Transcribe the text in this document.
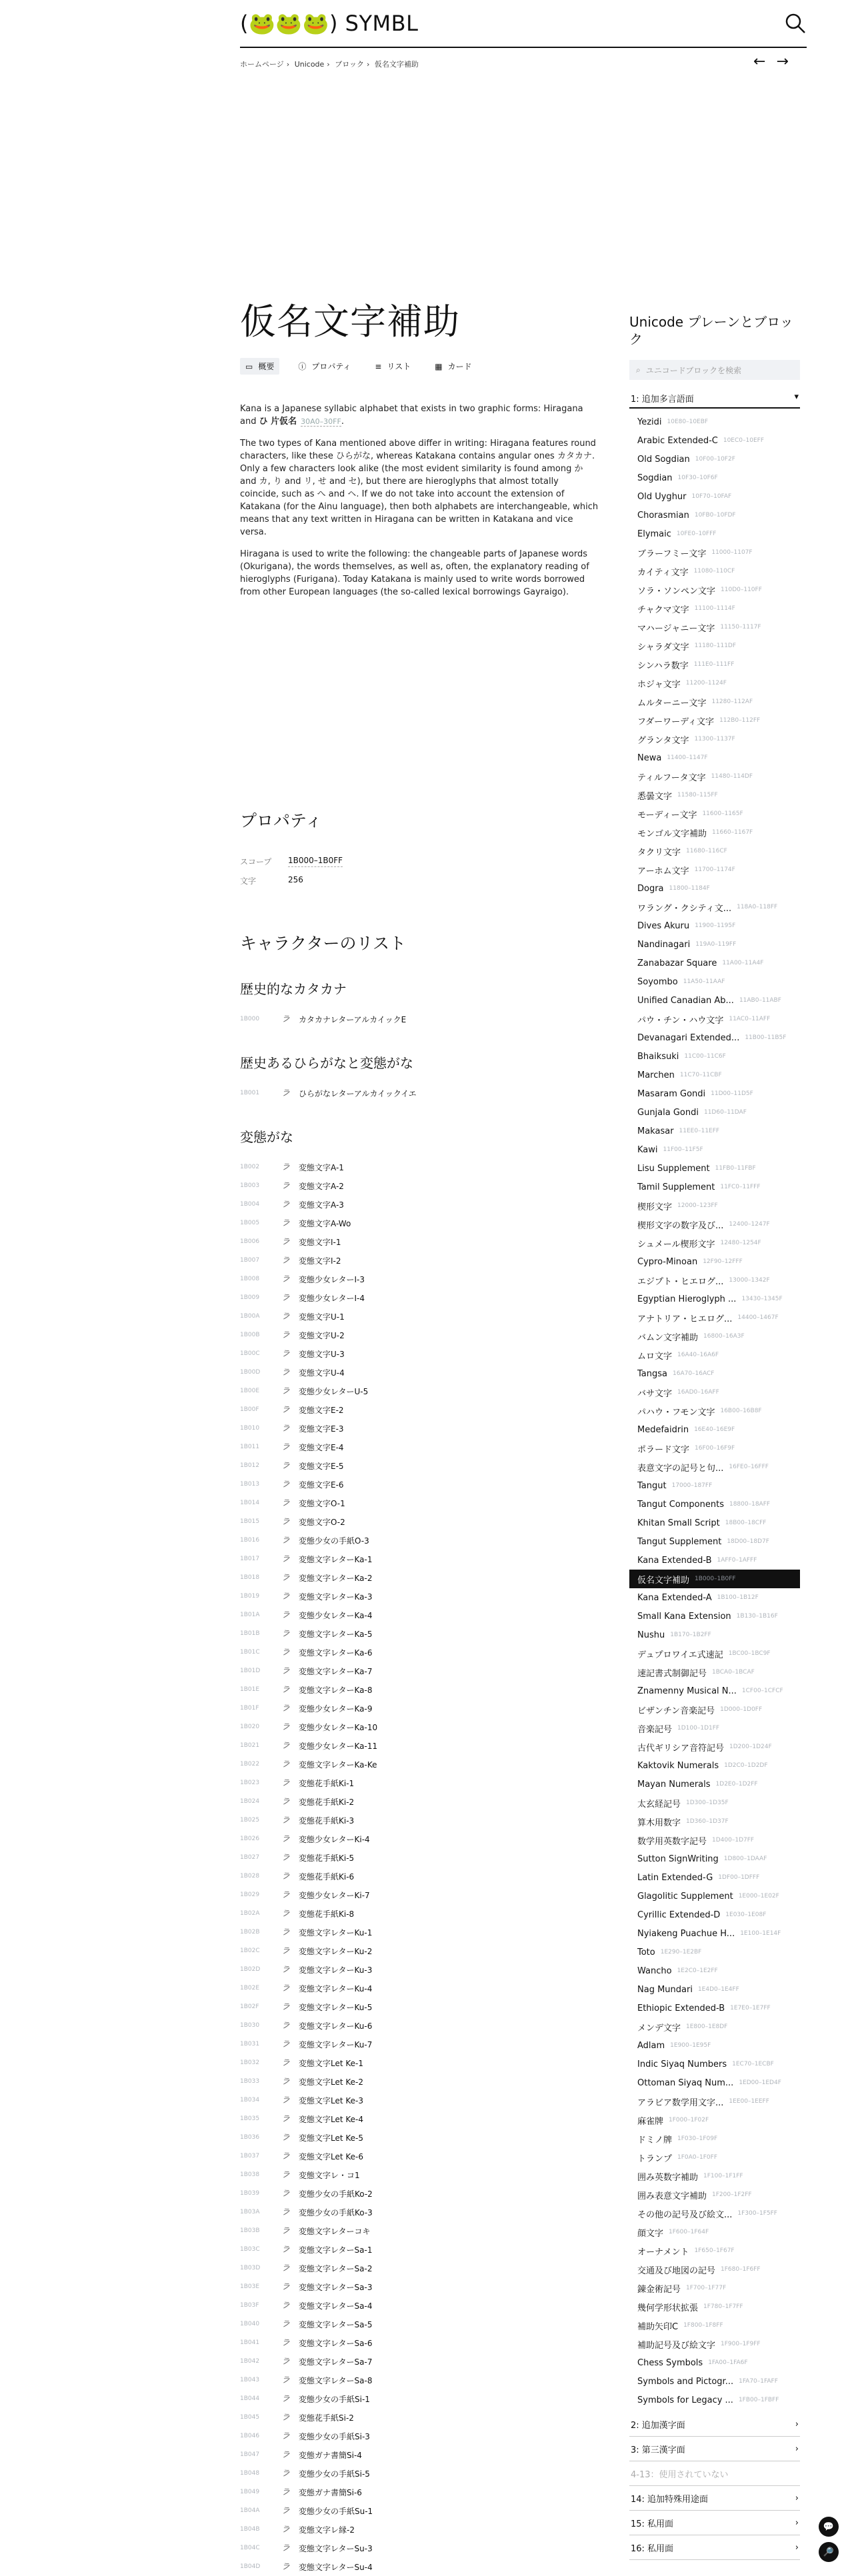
(🐸🐸🐸) SYMBL
ホームページ › Unicode › ブロック › 仮名文字補助	← →
仮名文字補助
▭ 概要	ⓘ プロパティ	≡ リスト	▦ カード

Kana is a Japanese syllabic alphabet that exists in two graphic forms: Hiragana and ひ 片仮名 30A0–30FF.

The two types of Kana mentioned above differ in writing: Hiragana features round characters, like these ひらがな, whereas Katakana contains angular ones カタカナ. Only a few characters look alike (the most evident similarity is found among か and カ, り and リ, せ and セ), but there are hieroglyphs that almost totally coincide, such as へ and ヘ. If we do not take into account the extension of Katakana (for the Ainu language), then both alphabets are interchangeable, which means that any text written in Hiragana can be written in Katakana and vice versa.

Hiragana is used to write the following: the changeable parts of Japanese words (Okurigana), the words themselves, as well as, often, the explanatory reading of hieroglyphs (Furigana). Today Katakana is mainly used to write words borrowed from other European languages (the so-called lexical borrowings Gayraigo).

プロパティ
スコープ	1B000–1B0FF
文字	256
キャラクターのリスト
歴史的なカタカナ
1B000	𛀀 カタカナレターアルカイックE
歴史あるひらがなと変態がな
1B001	𛀀 ひらがなレターアルカイックイエ
変態がな
1B002	𛀀 変態文字A-1
1B003	𛀀 変態文字A-2
1B004	𛀀 変態文字A-3
1B005	𛀀 変態文字A-Wo
1B006	𛀀 変態文字I-1
1B007	𛀀 変態文字I-2
1B008	𛀀 変態少女レターI-3
1B009	𛀀 変態少女レターI-4
1B00A	𛀀 変態文字U-1
1B00B	𛀀 変態文字U-2
1B00C	𛀀 変態文字U-3
1B00D	𛀀 変態文字U-4
1B00E	𛀀 変態少女レターU-5
1B00F	𛀀 変態文字E-2
1B010	𛀀 変態文字E-3
1B011	𛀀 変態文字E-4
1B012	𛀀 変態文字E-5
1B013	𛀀 変態文字E-6
1B014	𛀀 変態文字O-1
1B015	𛀀 変態文字O-2
1B016	𛀀 変態少女の手紙O-3
1B017	𛀀 変態文字レターKa-1
1B018	𛀀 変態文字レターKa-2
1B019	𛀀 変態文字レターKa-3
1B01A	𛀀 変態少女レターKa-4
1B01B	𛀀 変態文字レターKa-5
1B01C	𛀀 変態文字レターKa-6
1B01D	𛀀 変態文字レターKa-7
1B01E	𛀀 変態文字レターKa-8
1B01F	𛀀 変態少女レターKa-9
1B020	𛀀 変態少女レターKa-10
1B021	𛀀 変態少女レターKa-11
1B022	𛀀 変態文字レターKa-Ke
1B023	𛀀 変態花手紙Ki-1
1B024	𛀀 変態花手紙Ki-2
1B025	𛀀 変態花手紙Ki-3
1B026	𛀀 変態少女レターKi-4
1B027	𛀀 変態花手紙Ki-5
1B028	𛀀 変態花手紙Ki-6
1B029	𛀀 変態少女レターKi-7
1B02A	𛀀 変態花手紙Ki-8
1B02B	𛀀 変態文字レターKu-1
1B02C	𛀀 変態文字レターKu-2
1B02D	𛀀 変態文字レターKu-3
1B02E	𛀀 変態文字レターKu-4
1B02F	𛀀 変態文字レターKu-5
1B030	𛀀 変態文字レターKu-6
1B031	𛀀 変態文字レターKu-7
1B032	𛀀 変態文字Let Ke-1
1B033	𛀀 変態文字Let Ke-2
1B034	𛀀 変態文字Let Ke-3
1B035	𛀀 変態文字Let Ke-4
1B036	𛀀 変態文字Let Ke-5
1B037	𛀀 変態文字Let Ke-6
1B038	𛀀 変態文字レ・コ1
1B039	𛀀 変態少女の手紙Ko-2
1B03A	𛀀 変態少女の手紙Ko-3
1B03B	𛀀 変態文字レターコキ
1B03C	𛀀 変態文字レターSa-1
1B03D	𛀀 変態文字レターSa-2
1B03E	𛀀 変態文字レターSa-3
1B03F	𛀀 変態文字レターSa-4
1B040	𛀀 変態文字レターSa-5
1B041	𛀀 変態文字レターSa-6
1B042	𛀀 変態文字レターSa-7
1B043	𛀀 変態文字レターSa-8
1B044	𛀀 変態少女の手紙Si-1
1B045	𛀀 変態花手紙Si-2
1B046	𛀀 変態少女の手紙Si-3
1B047	𛀀 変態ガナ書簡Si-4
1B048	𛀀 変態少女の手紙Si-5
1B049	𛀀 変態ガナ書簡Si-6
1B04A	𛀀 変態少女の手紙Su-1
1B04B	𛀀 変態文字レ縁-2
1B04C	𛀀 変態文字レターSu-3
1B04D	𛀀 変態文字レターSu-4
Unicode プレーンとブロック
⌕ ユニコードブロックを検索
1: 追加多言語面	▾
Yezidi 10E80–10EBF
Arabic Extended-C 10EC0–10EFF
Old Sogdian 10F00–10F2F
Sogdian 10F30–10F6F
Old Uyghur 10F70–10FAF
Chorasmian 10FB0–10FDF
Elymaic 10FE0–10FFF
ブラーフミー文字 11000–1107F
カイティ文字 11080–110CF
ソラ・ソンペン文字 110D0–110FF
チャクマ文字 11100–1114F
マハージャニー文字 11150–1117F
シャラダ文字 11180–111DF
シンハラ数字 111E0–111FF
ホジャ文字 11200–1124F
ムルターニー文字 11280–112AF
フダーワーディ文字 112B0–112FF
グランタ文字 11300–1137F
Newa 11400–1147F
ティルフータ文字 11480–114DF
悉曇文字 11580–115FF
モーディー文字 11600–1165F
モンゴル文字補助 11660–1167F
タクリ文字 11680–116CF
アーホム文字 11700–1174F
Dogra 11800–1184F
ワラング・クシティ文... 118A0–118FF
Dives Akuru 11900–1195F
Nandinagari 119A0–119FF
Zanabazar Square 11A00–11A4F
Soyombo 11A50–11AAF
Unified Canadian Ab... 11AB0–11ABF
パウ・チン・ハウ文字 11AC0–11AFF
Devanagari Extended... 11B00–11B5F
Bhaiksuki 11C00–11C6F
Marchen 11C70–11CBF
Masaram Gondi 11D00–11D5F
Gunjala Gondi 11D60–11DAF
Makasar 11EE0–11EFF
Kawi 11F00–11F5F
Lisu Supplement 11FB0–11FBF
Tamil Supplement 11FC0–11FFF
楔形文字 12000–123FF
楔形文字の数字及び... 12400–1247F
シュメール楔形文字 12480–1254F
Cypro-Minoan 12F90–12FFF
エジプト・ヒエログ... 13000–1342F
Egyptian Hieroglyph ... 13430–1345F
アナトリア・ヒエログ... 14400–1467F
バムン文字補助 16800–16A3F
ムロ文字 16A40–16A6F
Tangsa 16A70–16ACF
バサ文字 16AD0–16AFF
パハウ・フモン文字 16B00–16B8F
Medefaidrin 16E40–16E9F
ポラード文字 16F00–16F9F
表意文字の記号と句... 16FE0–16FFF
Tangut 17000–187FF
Tangut Components 18800–18AFF
Khitan Small Script 18B00–18CFF
Tangut Supplement 18D00–18D7F
Kana Extended-B 1AFF0–1AFFF
仮名文字補助 1B000–1B0FF
Kana Extended-A 1B100–1B12F
Small Kana Extension 1B130–1B16F
Nushu 1B170–1B2FF
デュプロワイエ式速記 1BC00–1BC9F
速記書式制御記号 1BCA0–1BCAF
Znamenny Musical N... 1CF00–1CFCF
ビザンチン音楽記号 1D000–1D0FF
音楽記号 1D100–1D1FF
古代ギリシア音符記号 1D200–1D24F
Kaktovik Numerals 1D2C0–1D2DF
Mayan Numerals 1D2E0–1D2FF
太玄経記号 1D300–1D35F
算木用数字 1D360–1D37F
数学用英数字記号 1D400–1D7FF
Sutton SignWriting 1D800–1DAAF
Latin Extended-G 1DF00–1DFFF
Glagolitic Supplement 1E000–1E02F
Cyrillic Extended-D 1E030–1E08F
Nyiakeng Puachue H... 1E100–1E14F
Toto 1E290–1E2BF
Wancho 1E2C0–1E2FF
Nag Mundari 1E4D0–1E4FF
Ethiopic Extended-B 1E7E0–1E7FF
メンデ文字 1E800–1E8DF
Adlam 1E900–1E95F
Indic Siyaq Numbers 1EC70–1ECBF
Ottoman Siyaq Num... 1ED00–1ED4F
アラビア数学用文字... 1EE00–1EEFF
麻雀牌 1F000–1F02F
ドミノ牌 1F030–1F09F
トランプ 1F0A0–1F0FF
囲み英数字補助 1F100–1F1FF
囲み表意文字補助 1F200–1F2FF
その他の記号及び絵文... 1F300–1F5FF
顔文字 1F600–1F64F
オーナメント 1F650–1F67F
交通及び地図の記号 1F680–1F6FF
錬金術記号 1F700–1F77F
幾何学形状拡張 1F780–1F7FF
補助矢印C 1F800–1F8FF
補助記号及び絵文字 1F900–1F9FF
Chess Symbols 1FA00–1FA6F
Symbols and Pictogr... 1FA70–1FAFF
Symbols for Legacy ... 1FB00–1FBFF
2: 追加漢字面	›
3: 第三漢字面	›
4-13：使用されていない
14: 追加特殊用途面	›
15: 私用面	›
16: 私用面	›
💬
🔎
